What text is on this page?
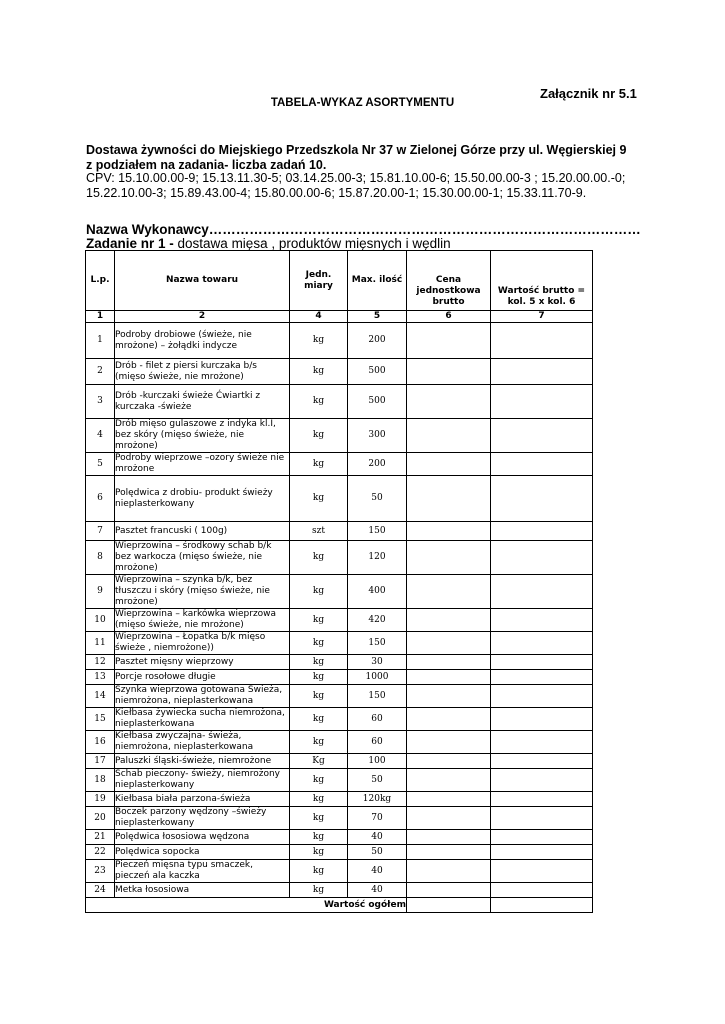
Załącznik nr 5.1
TABELA-WYKAZ ASORTYMENTU
Dostawa żywności do Miejskiego Przedszkola Nr 37 w Zielonej Górze przy ul. Węgierskiej 9
z podziałem na zadania- liczba zadań 10.
CPV: 15.10.00.00-9; 15.13.11.30-5; 03.14.25.00-3; 15.81.10.00-6; 15.50.00.00-3 ; 15.20.00.00.-0;
15.22.10.00-3; 15.89.43.00-4; 15.80.00.00-6; 15.87.20.00-1; 15.30.00.00-1; 15.33.11.70-9.
Nazwa Wykonawcy……………………………………………………………………………………
Zadanie nr 1 - dostawa mięsa , produktów mięsnych i wędlin
L.p.	Nazwa towaru	Jedn. miary	Max. ilość	Cena jednostkowa brutto	Wartość brutto = kol. 5 x kol. 6
1	2	4	5	6	7
1	Podroby drobiowe (świeże, nie mrożone) – żołądki indycze	kg	200		
2	Drób - filet z piersi kurczaka b/s (mięso świeże, nie mrożone)	kg	500		
3	Drób -kurczaki świeże Ćwiartki z kurczaka -świeże	kg	500		
4	Drób mięso gulaszowe z indyka kl.I, bez skóry (mięso świeże, nie mrożone)	kg	300		
5	Podroby wieprzowe –ozory świeże nie mrożone	kg	200		
6	Polędwica z drobiu- produkt świeży nieplasterkowany	kg	50		
7	Pasztet francuski ( 100g)	szt	150		
8	Wieprzowina – środkowy schab b/k bez warkocza (mięso świeże, nie mrożone)	kg	120		
9	Wieprzowina – szynka b/k, bez tłuszczu i skóry (mięso świeże, nie mrożone)	kg	400		
10	Wieprzowina – karkówka wieprzowa (mięso świeże, nie mrożone)	kg	420		
11	Wieprzowina – Łopatka b/k mięso świeże , niemrożone))	kg	150		
12	Pasztet mięsny wieprzowy	kg	30		
13	Porcje rosołowe długie	kg	1000		
14	Szynka wieprzowa gotowana Świeża, niemrożona, nieplasterkowana	kg	150		
15	Kiełbasa żywiecka sucha niemrożona, nieplasterkowana	kg	60		
16	Kiełbasa zwyczajna- świeża, niemrożona, nieplasterkowana	kg	60		
17	Paluszki śląski-świeże, niemrożone	Kg	100		
18	Schab pieczony- świeży, niemrożony nieplasterkowany	kg	50		
19	Kiełbasa biała parzona-świeża	kg	120kg		
20	Boczek parzony wędzony –świeży nieplasterkowany	kg	70		
21	Polędwica łososiowa wędzona	kg	40		
22	Polędwica sopocka	kg	50		
23	Pieczeń mięsna typu smaczek, pieczeń ala kaczka	kg	40		
24	Metka łososiowa	kg	40		
Wartość ogółem					
